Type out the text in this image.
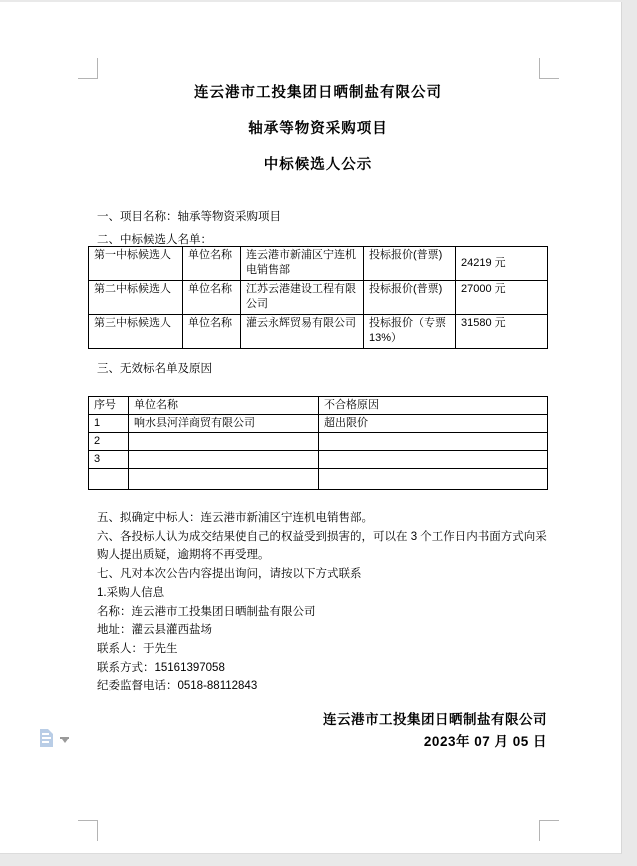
连云港市工投集团日晒制盐有限公司
轴承等物资采购项目
中标候选人公示
一、项目名称：轴承等物资采购项目
二、中标候选人名单：
第一中标候选人	单位名称	连云港市新浦区宁连机电销售部	投标报价(普票)	24219 元
第二中标候选人	单位名称	江苏云港建设工程有限公司	投标报价(普票)	27000 元
第三中标候选人	单位名称	灌云永辉贸易有限公司	投标报价（专票 13%）	31580 元
三、无效标名单及原因
序号	单位名称	不合格原因
1	响水县河洋商贸有限公司	超出限价
2		
3		

五、拟确定中标人：连云港市新浦区宁连机电销售部。
六、各投标人认为成交结果使自己的权益受到损害的，可以在 3 个工作日内书面方式向采购人提出质疑，逾期将不再受理。
七、凡对本次公告内容提出询问，请按以下方式联系
1.采购人信息
名称：连云港市工投集团日晒制盐有限公司
地址：灌云县灌西盐场
联系人：于先生
联系方式：15161397058
纪委监督电话：0518-88112843
连云港市工投集团日晒制盐有限公司
2023年 07 月 05 日
